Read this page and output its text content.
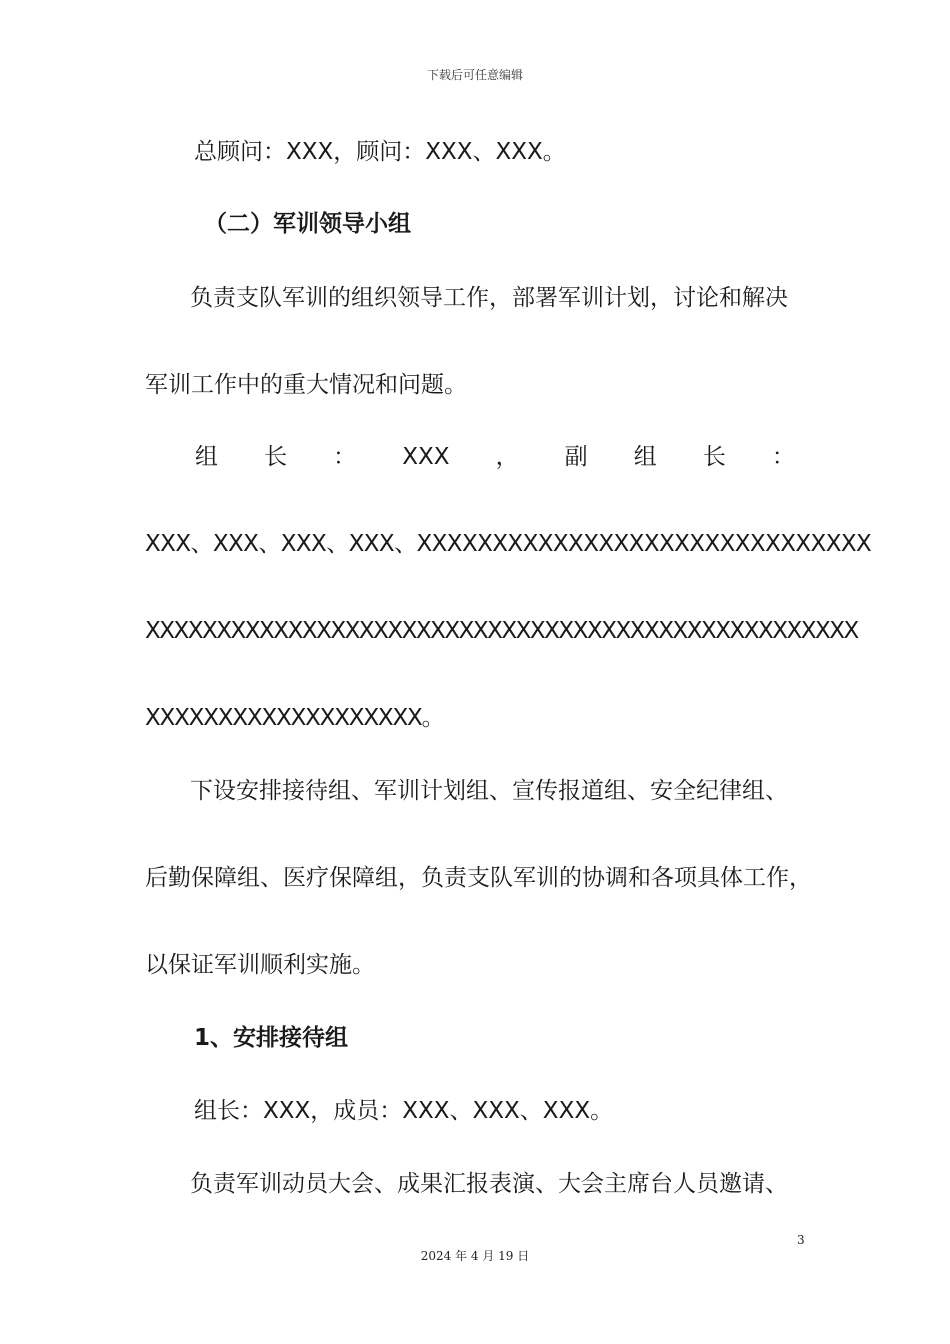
下载后可任意编辑
总顾问：XXX，顾问：XXX、XXX。
（二）军训领导小组
负责支队军训的组织领导工作，部署军训计划，讨论和解决
军训工作中的重大情况和问题。
组 长 ： XXX ， 副 组 长 ：
XXX、XXX、XXX、XXX、XXXXXXXXXXXXXXXXXXXXXXXXXXXXXX
XXXXXXXXXXXXXXXXXXXXXXXXXXXXXXXXXXXXXXXXXXXXXXXXXX
XXXXXXXXXXXXXXXXXXX。
下设安排接待组、军训计划组、宣传报道组、安全纪律组、
后勤保障组、医疗保障组，负责支队军训的协调和各项具体工作，
以保证军训顺利实施。
1、安排接待组
组长：XXX，成员：XXX、XXX、XXX。
负责军训动员大会、成果汇报表演、大会主席台人员邀请、
3
2024 年 4 月 19 日
